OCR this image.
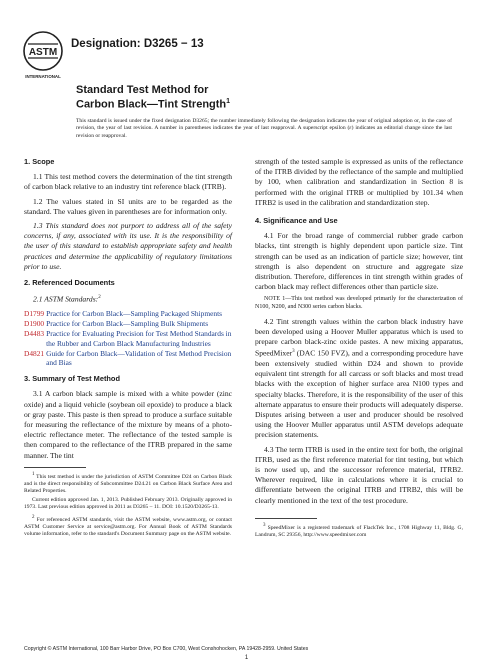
ASTM
INTERNATIONAL
Designation: D3265 − 13
Standard Test Method for
Carbon Black—Tint Strength$^1$
This standard is issued under the fixed designation D3265; the number immediately following the designation indicates the year of original adoption or, in the case of revision, the year of last revision. A number in parentheses indicates the year of last reapproval. A superscript epsilon (ε) indicates an editorial change since the last revision or reapproval.
1. Scope

1.1 This test method covers the determination of the tint strength of carbon black relative to an industry tint reference black (ITRB).

1.2 The values stated in SI units are to be regarded as the standard. The values given in parentheses are for information only.

1.3 This standard does not purport to address all of the safety concerns, if any, associated with its use. It is the responsibility of the user of this standard to establish appropriate safety and health practices and determine the applicability of regulatory limitations prior to use.

2. Referenced Documents

2.1 ASTM Standards:$^2$

D1799 Practice for Carbon Black—Sampling Packaged Shipments
D1900 Practice for Carbon Black—Sampling Bulk Shipments
D4483 Practice for Evaluating Precision for Test Method Standards in the Rubber and Carbon Black Manufacturing Industries
D4821 Guide for Carbon Black—Validation of Test Method Precision and Bias
3. Summary of Test Method

3.1 A carbon black sample is mixed with a white powder (zinc oxide) and a liquid vehicle (soybean oil epoxide) to produce a black or gray paste. This paste is then spread to produce a surface suitable for measuring the reflectance of the mixture by means of a photo-electric reflectance meter. The reflectance of the tested sample is then compared to the reflectance of the ITRB prepared in the same manner. The tint

$^1$ This test method is under the jurisdiction of ASTM Committee D24 on Carbon Black and is the direct responsibility of Subcommittee D24.21 on Carbon Black Surface Area and Related Properties.
Current edition approved Jan. 1, 2013. Published February 2013. Originally approved in 1973. Last previous edition approved in 2011 as D3265 – 11. DOI: 10.1520/D3265-13.
$^2$ For referenced ASTM standards, visit the ASTM website, www.astm.org, or contact ASTM Customer Service at service@astm.org. For Annual Book of ASTM Standards volume information, refer to the standard's Document Summary page on the ASTM website.

strength of the tested sample is expressed as units of the reflectance of the ITRB divided by the reflectance of the sample and multiplied by 100, when calibration and standardization in Section 8 is performed with the original ITRB or multiplied by 101.34 when ITRB2 is used in the calibration and standardization step.

4. Significance and Use

4.1 For the broad range of commercial rubber grade carbon blacks, tint strength is highly dependent upon particle size. Tint strength can be used as an indication of particle size; however, tint strength is also dependent on structure and aggregate size distribution. Therefore, differences in tint strength within grades of carbon black may reflect differences other than particle size.

NOTE 1—This test method was developed primarily for the characterization of N100, N200, and N300 series carbon blacks.

4.2 Tint strength values within the carbon black industry have been developed using a Hoover Muller apparatus which is used to prepare carbon black-zinc oxide pastes. A new mixing apparatus, SpeedMixer$^3$ (DAC 150 FVZ), and a corresponding procedure have been extensively studied within D24 and shown to provide equivalent tint strength for all carcass or soft blacks and most tread blacks with the exception of higher surface area N100 types and specialty blacks. Therefore, it is the responsibility of the user of this alternate apparatus to ensure their products will adequately disperse. Disputes arising between a user and producer should be resolved using the Hoover Muller apparatus until ASTM develops adequate precision statements.

4.3 The term ITRB is used in the entire text for both, the original ITRB, used as the first reference material for tint testing, but which is now used up, and the successor reference material, ITRB2. Wherever required, like in calculations where it is crucial to differentiate between the original ITRB and ITRB2, this will be clearly mentioned in the text of the test procedure.

$^3$ SpeedMixer is a registered trademark of FlackTek Inc., 1708 Highway 11, Bldg. G, Landrum, SC 29356, http://www.speedmixer.com
Copyright © ASTM International, 100 Barr Harbor Drive, PO Box C700, West Conshohocken, PA 19428-2959. United States
1
